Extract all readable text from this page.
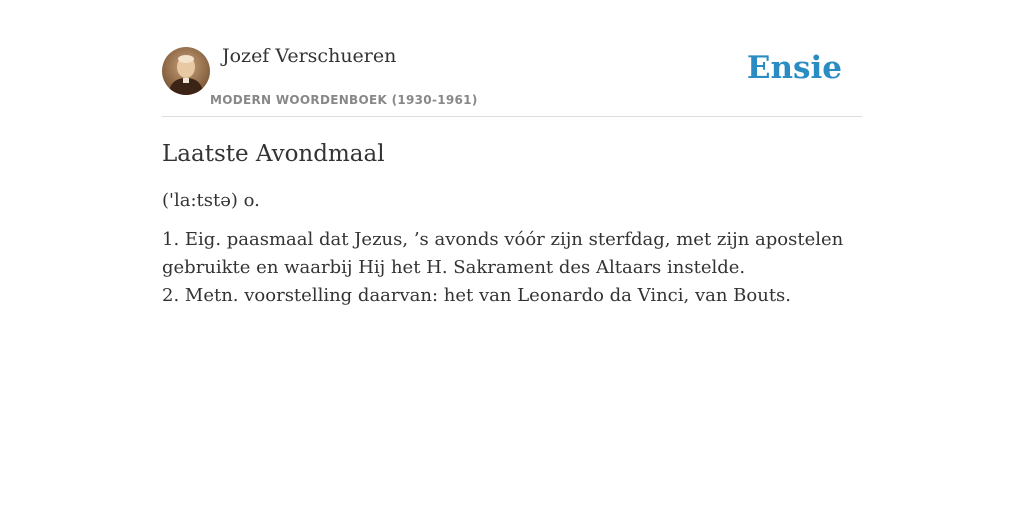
Jozef Verschueren
MODERN WOORDENBOEK (1930-1961)
Ensie
Laatste Avondmaal

('la:tstə) o.

1. Eig. paasmaal dat Jezus, ’s avonds vóór zijn sterfdag, met zijn apostelen gebruikte en waarbij Hij het H. Sakrament des Altaars instelde.
2. Metn. voorstelling daarvan: het van Leonardo da Vinci, van Bouts.
